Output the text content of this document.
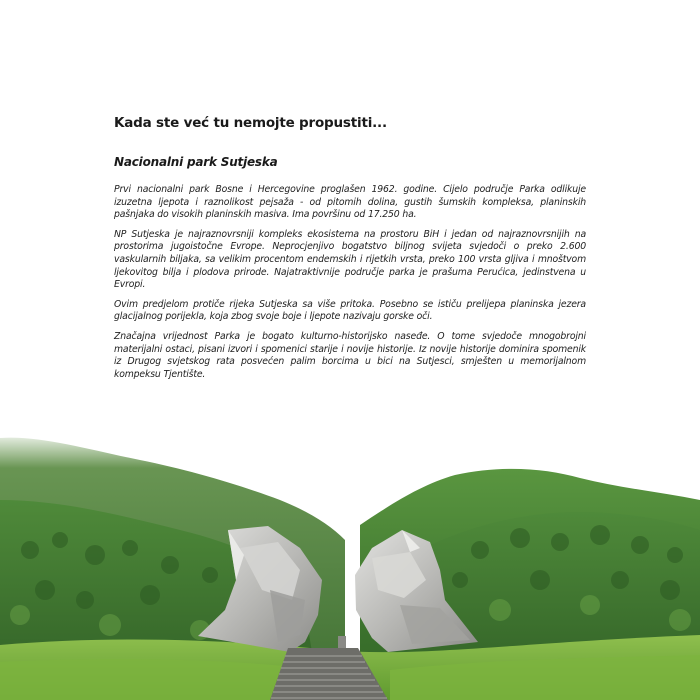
Kada ste već tu nemojte propustiti...
Nacionalni park Sutjeska

Prvi nacionalni park Bosne i Hercegovine proglašen 1962. godine. Cijelo područje Parka odlikuje izuzetna ljepota i raznolikost pejsaža - od pitomih dolina, gustih šumskih kompleksa, planinskih pašnjaka do visokih planinskih masiva. Ima površinu od 17.250 ha.

NP Sutjeska je najraznovrsniji kompleks ekosistema na prostoru BiH i jedan od najraznovrsnijih na prostorima jugoistočne Evrope. Neprocjenjivo bogatstvo biljnog svijeta svjedoči o preko 2.600 vaskularnih biljaka, sa velikim procentom endemskih i rijetkih vrsta, preko 100 vrsta gljiva i mnoštvom ljekovitog bilja i plodova prirode. Najatraktivnije područje parka je prašuma Perućica, jedinstvena u Evropi.

Ovim predjelom protiče rijeka Sutjeska sa više pritoka. Posebno se ističu prelijepa planinska jezera glacijalnog porijekla, koja zbog svoje boje i ljepote nazivaju gorske oči.

Značajna vrijednost Parka je bogato kulturno-historijsko naseđe. O tome svjedoče mnogobrojni materijalni ostaci, pisani izvori i spomenici starije i novije historije. Iz novije historije dominira spomenik iz Drugog svjetskog rata posvećen palim borcima u bici na Sutjesci, smješten u memorijalnom kompeksu Tjentište.
